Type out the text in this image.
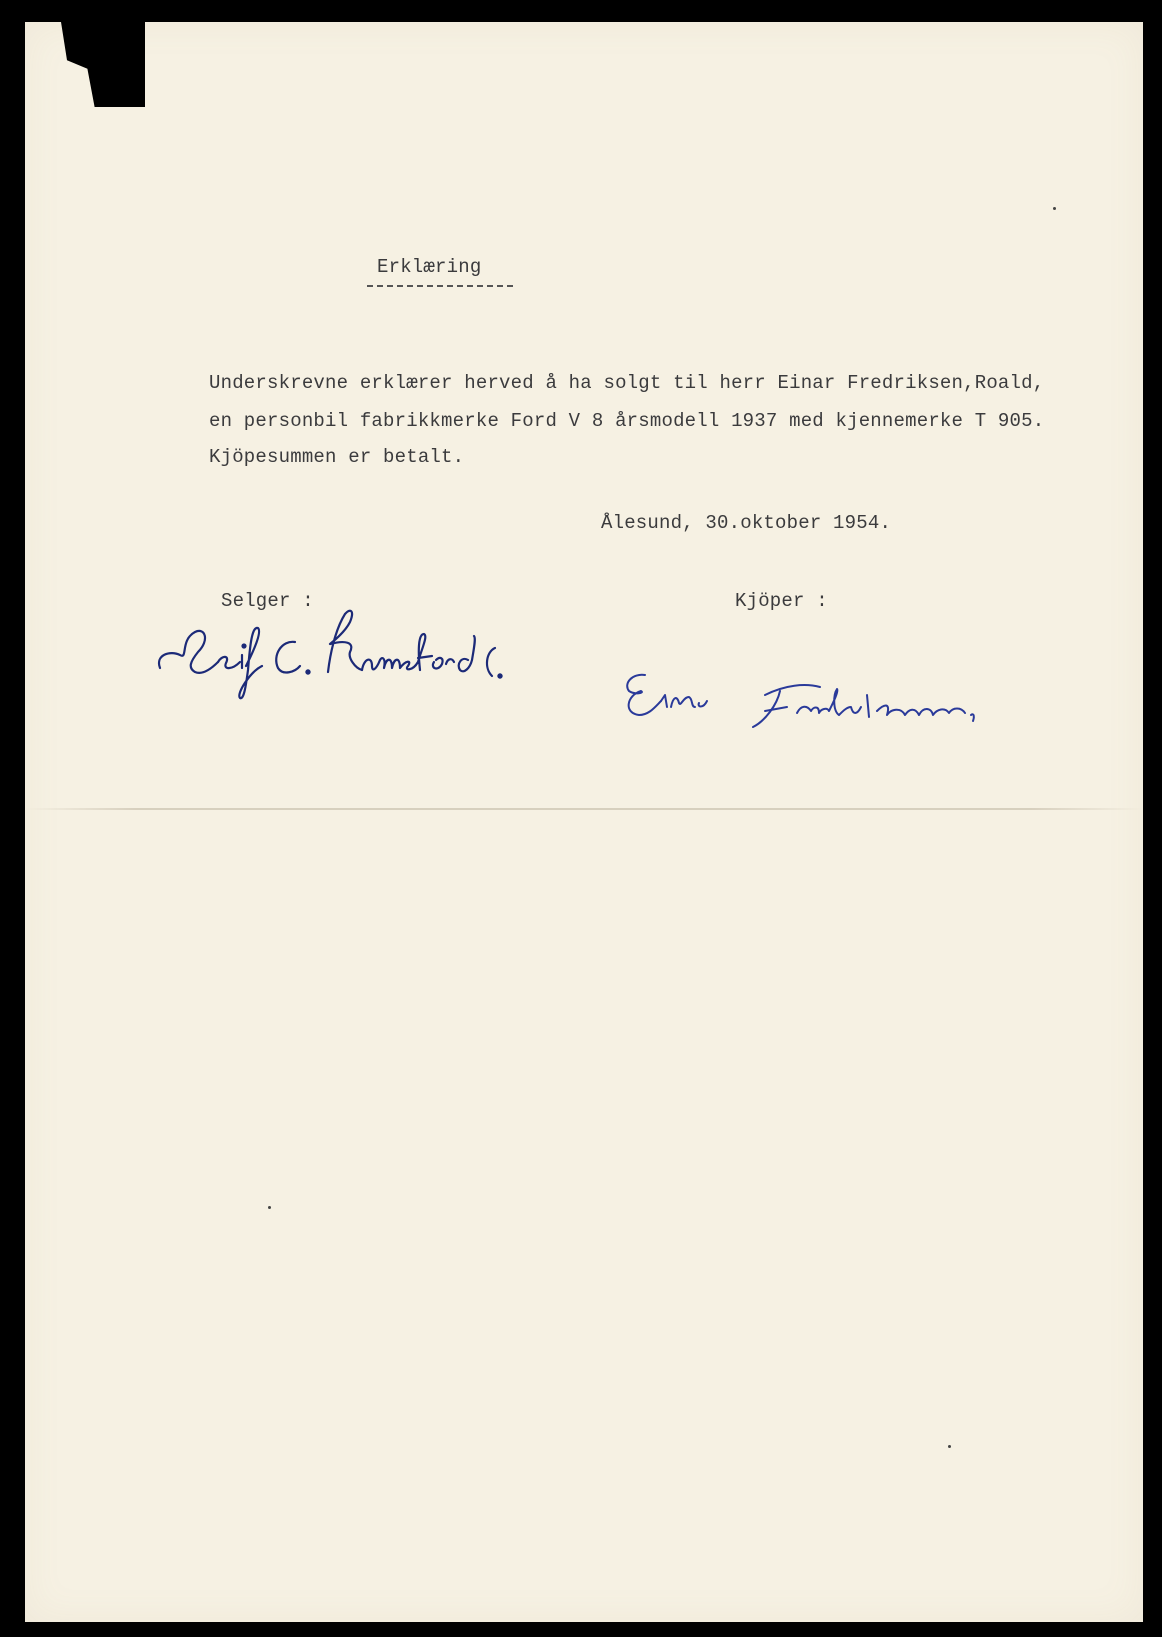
Erklæring
Underskrevne erklærer herved å ha solgt til herr Einar Fredriksen,Roald,
en personbil fabrikkmerke Ford V 8 årsmodell 1937 med kjennemerke T 905.
Kjöpesummen er betalt.
Ålesund, 30.oktober 1954.
Selger :	Kjöper :
